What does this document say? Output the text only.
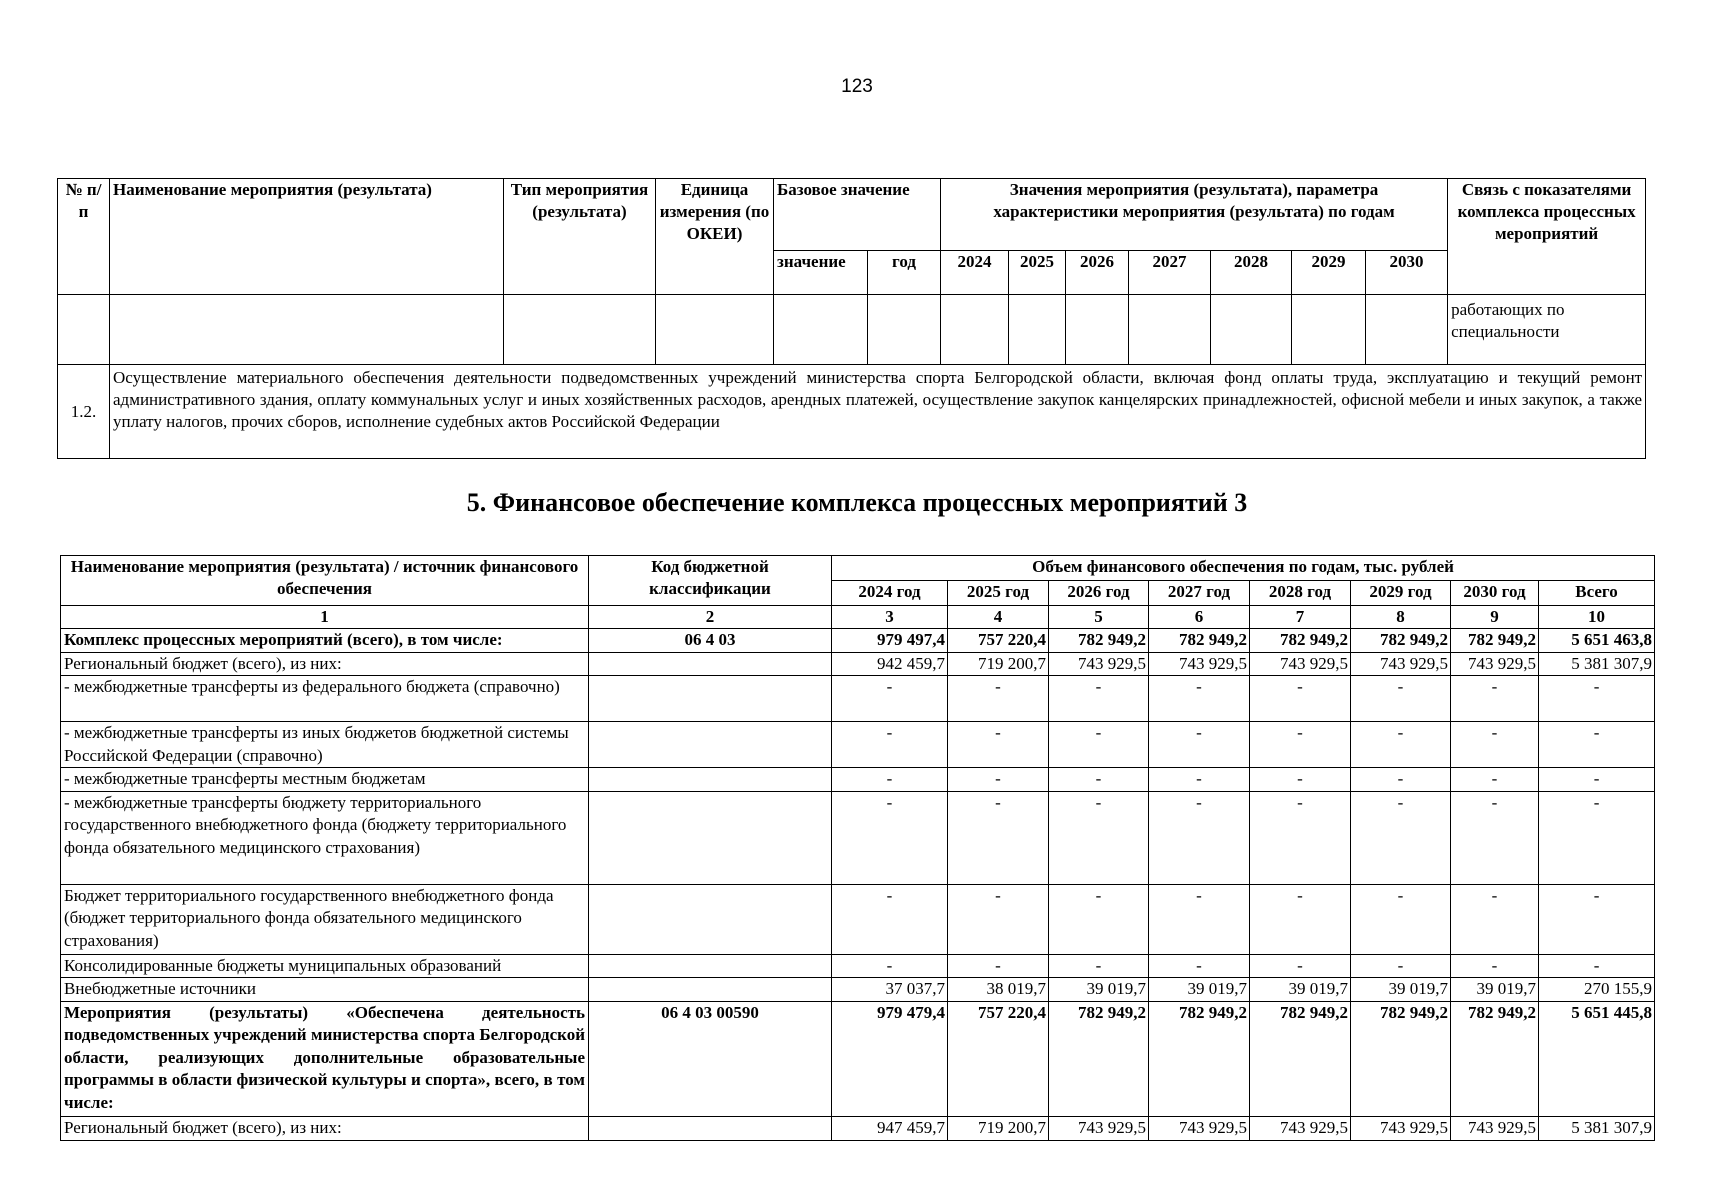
123
№ п/п	Наименование мероприятия (результата)	Тип мероприятия (результата)	Единица измерения (по ОКЕИ)	Базовое значение		Значения мероприятия (результата), параметра характеристики мероприятия (результата) по годам							Связь с показателями комплекса процессных мероприятий
				значение	год	2024	2025	2026	2027	2028	2029	2030	
													работающих по специальности
1.2.	Осуществление материального обеспечения деятельности подведомственных учреждений министерства спорта Белгородской области, включая фонд оплаты труда, эксплуатацию и текущий ремонт административного здания, оплату коммунальных услуг и иных хозяйственных расходов, арендных платежей, осуществление закупок канцелярских принадлежностей, офисной мебели и иных закупок, а также уплату налогов, прочих сборов, исполнение судебных актов Российской Федерации												
5. Финансовое обеспечение комплекса процессных мероприятий 3
Наименование мероприятия (результата) / источник финансового обеспечения	Код бюджетной классификации	Объем финансового обеспечения по годам, тыс. рублей							
		2024 год	2025 год	2026 год	2027 год	2028 год	2029 год	2030 год	Всего
1	2	3	4	5	6	7	8	9	10
Комплекс процессных мероприятий (всего), в том числе:	06 4 03	979 497,4	757 220,4	782 949,2	782 949,2	782 949,2	782 949,2	782 949,2	5 651 463,8
Региональный бюджет (всего), из них:		942 459,7	719 200,7	743 929,5	743 929,5	743 929,5	743 929,5	743 929,5	5 381 307,9
- межбюджетные трансферты из федерального бюджета (справочно)		-	-	-	-	-	-	-	-
- межбюджетные трансферты из иных бюджетов бюджетной системы Российской Федерации (справочно)		-	-	-	-	-	-	-	-
- межбюджетные трансферты местным бюджетам		-	-	-	-	-	-	-	-
- межбюджетные трансферты бюджету территориального государственного внебюджетного фонда (бюджету территориального фонда обязательного медицинского страхования)		-	-	-	-	-	-	-	-
Бюджет территориального государственного внебюджетного фонда (бюджет территориального фонда обязательного медицинского страхования)		-	-	-	-	-	-	-	-
Консолидированные бюджеты муниципальных образований		-	-	-	-	-	-	-	-
Внебюджетные источники		37 037,7	38 019,7	39 019,7	39 019,7	39 019,7	39 019,7	39 019,7	270 155,9
Мероприятия (результаты) «Обеспечена деятельность подведомственных учреждений министерства спорта Белгородской области, реализующих дополнительные образовательные программы в области физической культуры и спорта», всего, в том числе:	06 4 03 00590	979 479,4	757 220,4	782 949,2	782 949,2	782 949,2	782 949,2	782 949,2	5 651 445,8
Региональный бюджет (всего), из них:		947 459,7	719 200,7	743 929,5	743 929,5	743 929,5	743 929,5	743 929,5	5 381 307,9
